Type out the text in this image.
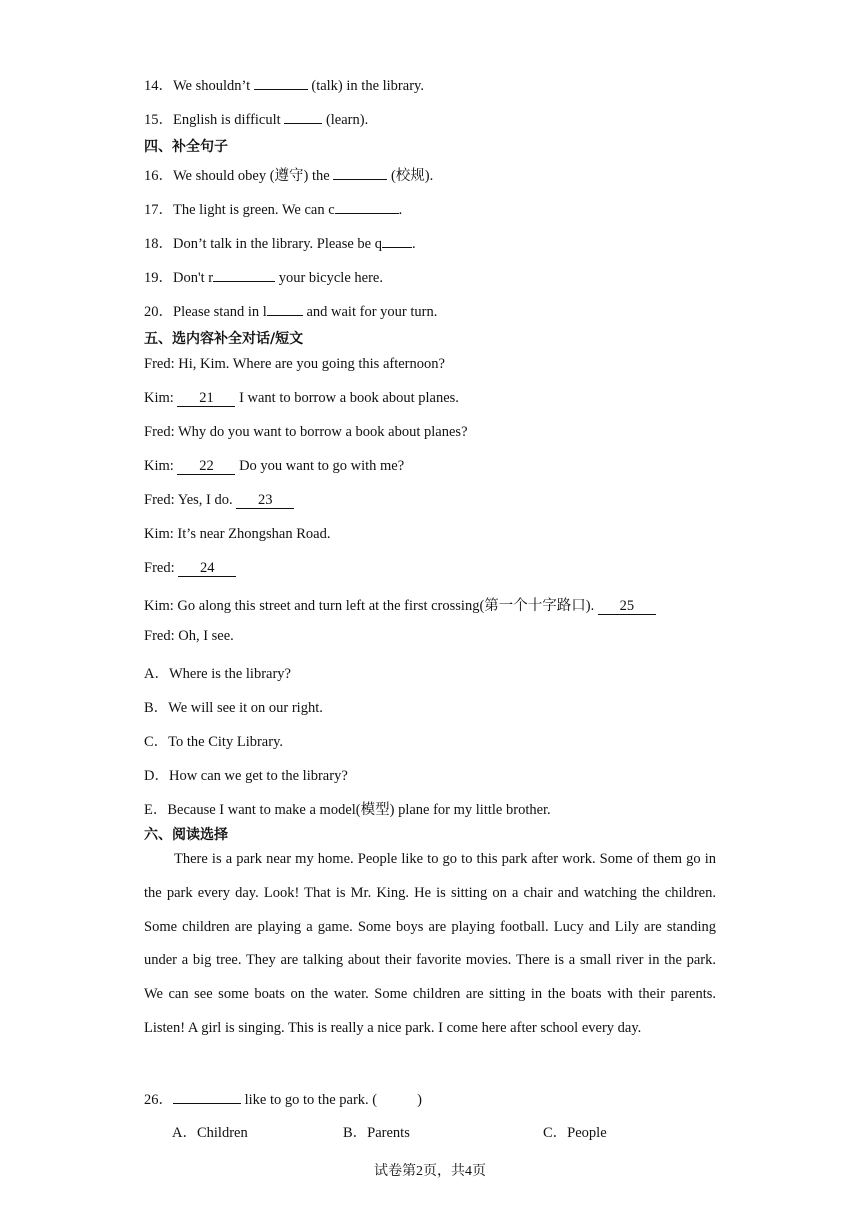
14．We shouldn’t	(talk) in the library.
15．English is difficult	(learn).
四、补全句子
16．We should obey (遵守) the	(校规).
17．The light is green. We can c	.
18．Don’t talk in the library. Please be q .
19．Don't r	your bicycle here.
20．Please stand in l	and wait for your turn.
五、选内容补全对话/短文
Fred: Hi, Kim. Where are you going this afternoon?
Kim: 21 I want to borrow a book about planes.
Fred: Why do you want to borrow a book about planes?
Kim: 22 Do you want to go with me?
Fred: Yes, I do. 23
Kim: It’s near Zhongshan Road.
Fred: 24
Kim: Go along this street and turn left at the first crossing(第一个十字路口). 25
Fred: Oh, I see.
A．Where is the library?
B．We will see it on our right.
C．To the City Library.
D．How can we get to the library?
E．Because I want to make a model(模型) plane for my little brother.
六、阅读选择
There is a park near my home. People like to go to this park after work. Some of them go in the park every day. Look! That is Mr. King. He is sitting on a chair and watching the children. Some children are playing a game. Some boys are playing football. Lucy and Lily are standing under a big tree. They are talking about their favorite movies. There is a small river in the park. We can see some boats on the water. Some children are sitting in the boats with their parents. Listen! A girl is singing. This is really a nice park. I come here after school every day.
26．	like to go to the park. (	)
A．Children	B．Parents	C．People
试卷第2页，共4页
